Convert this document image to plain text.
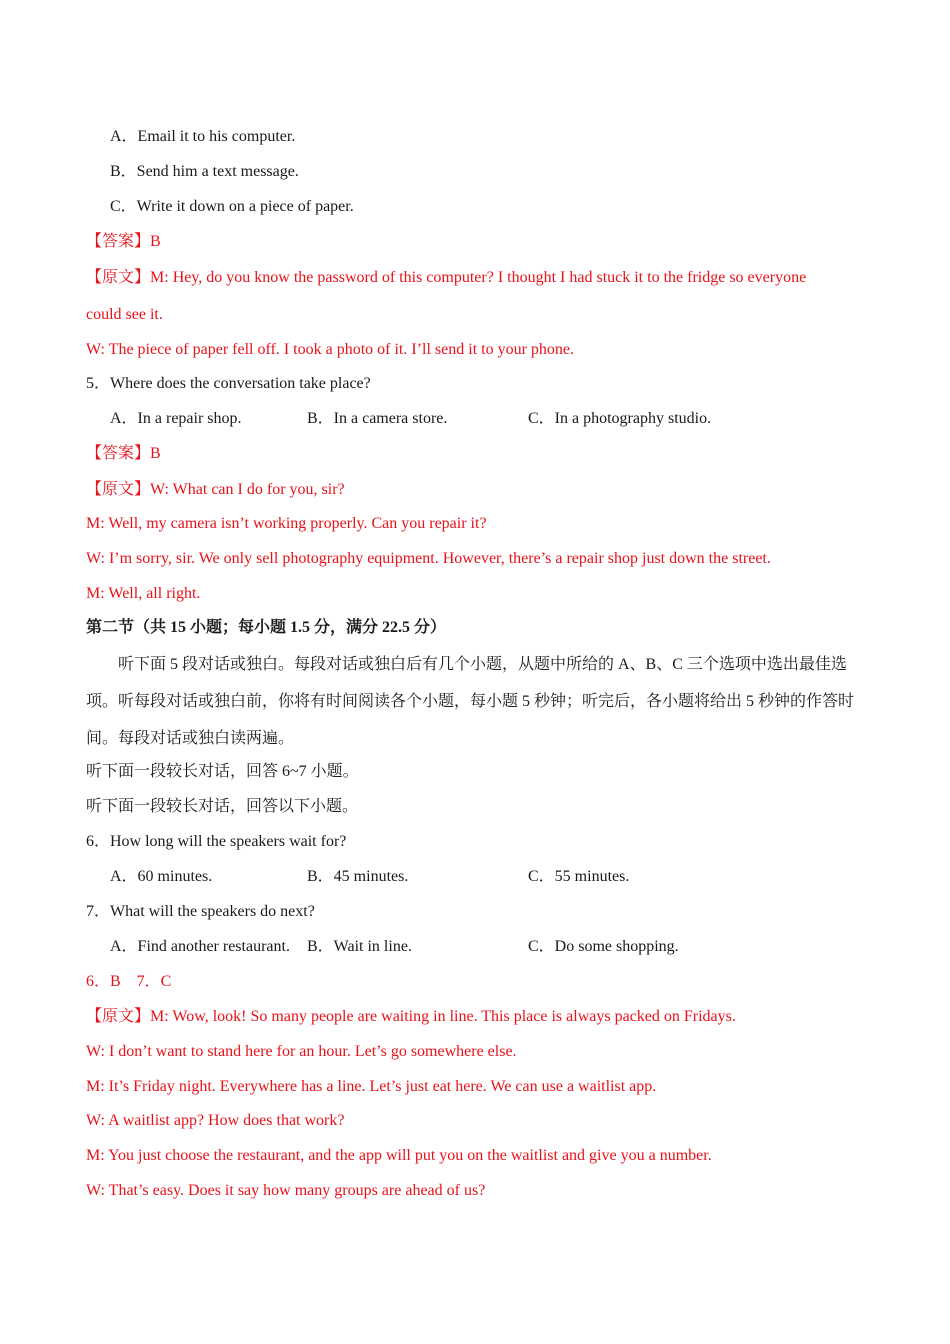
A．Email it to his computer.
B．Send him a text message.
C．Write it down on a piece of paper.
【答案】B
【原文】M: Hey, do you know the password of this computer? I thought I had stuck it to the fridge so everyone
could see it.
W: The piece of paper fell off. I took a photo of it. I’ll send it to your phone.
5．Where does the conversation take place?
A．In a repair shop.	B．In a camera store.	C．In a photography studio.
【答案】B
【原文】W: What can I do for you, sir?
M: Well, my camera isn’t working properly. Can you repair it?
W: I’m sorry, sir. We only sell photography equipment. However, there’s a repair shop just down the street.
M: Well, all right.
第二节（共 15 小题；每小题 1.5 分，满分 22.5 分）
听下面 5 段对话或独白。每段对话或独白后有几个小题，从题中所给的 A、B、C 三个选项中选出最佳选项。听每段对话或独白前，你将有时间阅读各个小题，每小题 5 秒钟；听完后，各小题将给出 5 秒钟的作答时间。每段对话或独白读两遍。
听下面一段较长对话，回答 6~7 小题。
听下面一段较长对话，回答以下小题。
6．How long will the speakers wait for?
A．60 minutes.	B．45 minutes.	C．55 minutes.
7．What will the speakers do next?
A．Find another restaurant. B．Wait in line.	C．Do some shopping.
6．B　7．C
【原文】M: Wow, look! So many people are waiting in line. This place is always packed on Fridays.
W: I don’t want to stand here for an hour. Let’s go somewhere else.
M: It’s Friday night. Everywhere has a line. Let’s just eat here. We can use a waitlist app.
W: A waitlist app? How does that work?
M: You just choose the restaurant, and the app will put you on the waitlist and give you a number.
W: That’s easy. Does it say how many groups are ahead of us?
